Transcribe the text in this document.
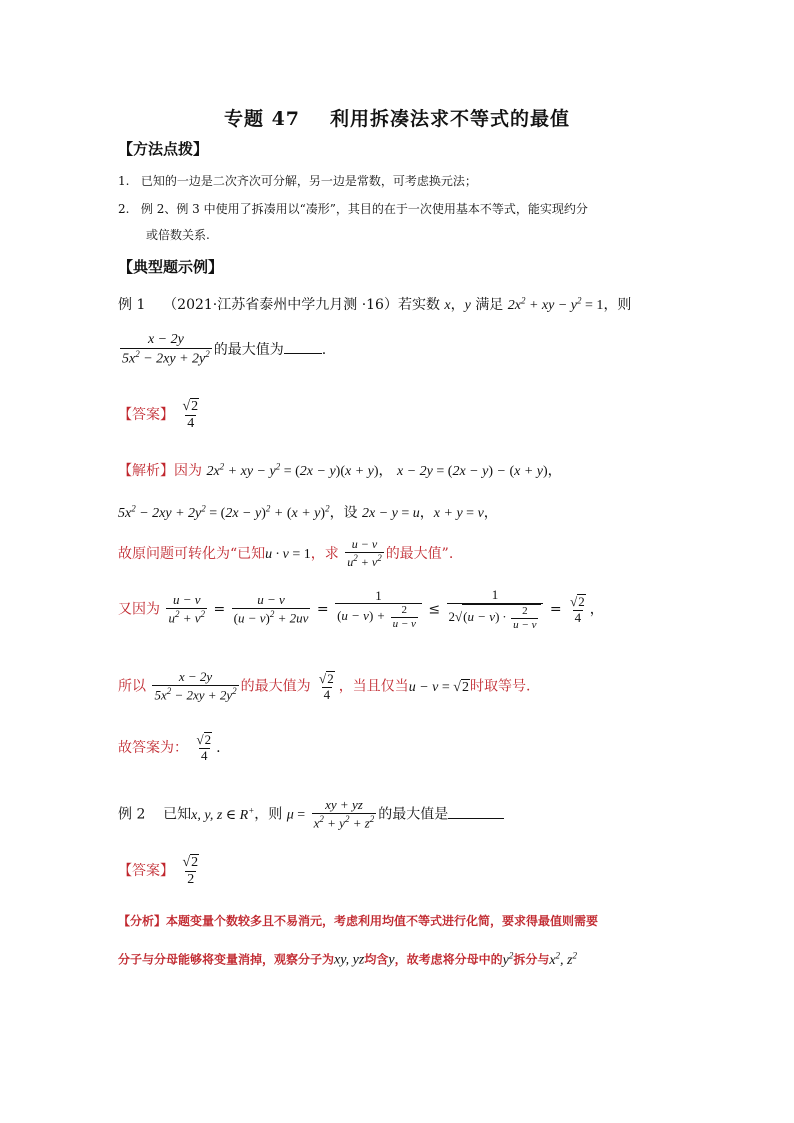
专题 47 利用拆凑法求不等式的最值
【方法点拨】
1. 已知的一边是二次齐次可分解，另一边是常数，可考虑换元法；
2. 例 2、例 3 中使用了拆凑用以“凑形”，其目的在于一次使用基本不等式，能实现约分
或倍数关系.
【典型题示例】
例 1 （2021·江苏省泰州中学九月测 ·16）若实数 x，y 满足 $2x^2$ + xy − $y^2 = 1$，则
$\frac{x - 2y}{5x^2 - 2xy + 2y^2}$ 的最大值为	.
【答案】 $\frac{√2}{4}$
【解析】因为 $2x^2$ + xy − $y^2 = (2x - y)(x + y)$， x − 2y = (2x − y) − (x + y)，
$5x^2 - 2xy + 2y^2 = (2x - y)^2 + (x + y)^2$，设 2x − y = u，x + y = v，
故原问题可转化为“已知u · v = 1，求 $\frac{u - v}{u^2 + v^2}$ 的最大值”.
又因为 $\frac{u - v}{u^2 + v^2} = \frac{u - v}{(u - v)^2 + 2uv} = \frac{1}{(u - v) + \frac{2}{u - v}} \le \frac{1}{2√(u - v) \cdot \frac{2}{u - v}} = \frac{√2}{4}$ ，
所以 $\frac{x - 2y}{5x^2 - 2xy + 2y^2}$ 的最大值为 $\frac{√2}{4}$ ，当且仅当u − v = √2时取等号.
故答案为： $\frac{√2}{4}$ .
例 2 已知x, y, z ∈ R+，则 $\mu = \frac{xy + yz}{x^2 + y^2 + z^2}$ 的最大值是
【答案】 $\frac{√2}{2}$
【分析】本题变量个数较多且不易消元，考虑利用均值不等式进行化简，要求得最值则需要
分子与分母能够将变量消掉，观察分子为xy, yz均含y，故考虑将分母中的$y^2$拆分与$x^2$, $z^2$
